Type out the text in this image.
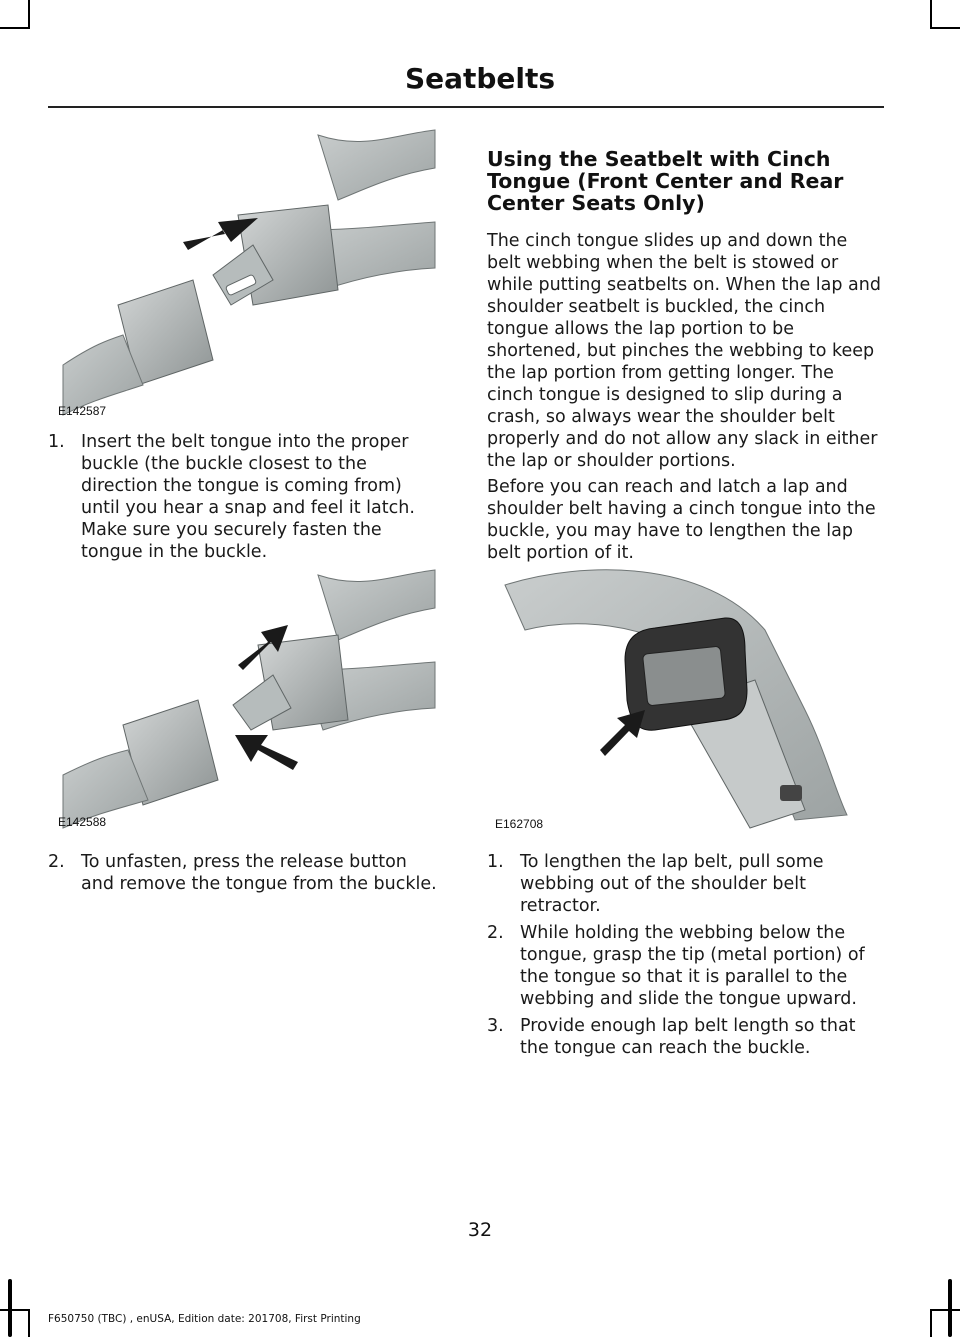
Seatbelts
E142587
1. Insert the belt tongue into the proper buckle (the buckle closest to the direction the tongue is coming from) until you hear a snap and feel it latch. Make sure you securely fasten the tongue in the buckle.
E142588
2. To unfasten, press the release button and remove the tongue from the buckle.
Using the Seatbelt with Cinch Tongue (Front Center and Rear Center Seats Only)

The cinch tongue slides up and down the belt webbing when the belt is stowed or while putting seatbelts on. When the lap and shoulder seatbelt is buckled, the cinch tongue allows the lap portion to be shortened, but pinches the webbing to keep the lap portion from getting longer. The cinch tongue is designed to slip during a crash, so always wear the shoulder belt properly and do not allow any slack in either the lap or shoulder portions.

Before you can reach and latch a lap and shoulder belt having a cinch tongue into the buckle, you may have to lengthen the lap belt portion of it.

E162708
1. To lengthen the lap belt, pull some webbing out of the shoulder belt retractor.
2. While holding the webbing below the tongue, grasp the tip (metal portion) of the tongue so that it is parallel to the webbing and slide the tongue upward.
3. Provide enough lap belt length so that the tongue can reach the buckle.
32
F650750 (TBC) , enUSA, Edition date: 201708, First Printing
